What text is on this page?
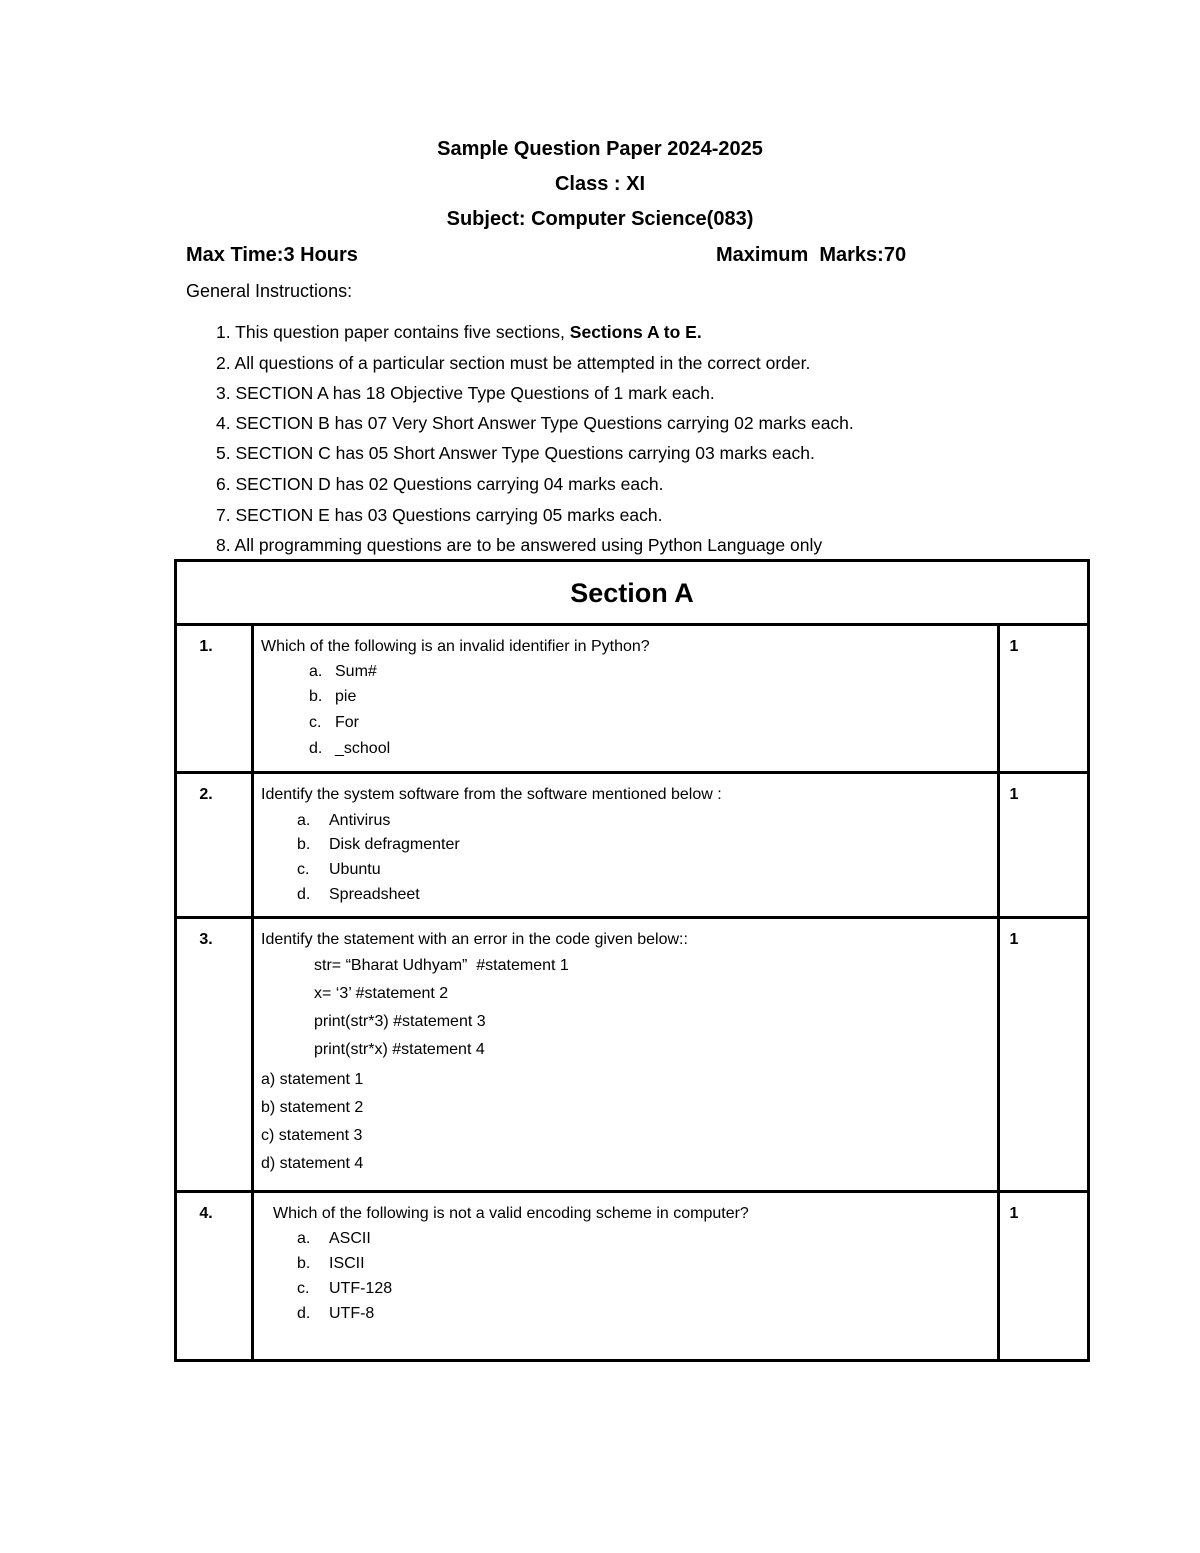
Sample Question Paper 2024-2025
Class : XI
Subject: Computer Science(083)
Max Time:3 Hours	Maximum  Marks:70
General Instructions:
1. This question paper contains five sections, Sections A to E.
2. All questions of a particular section must be attempted in the correct order.
3. SECTION A has 18 Objective Type Questions of 1 mark each.
4. SECTION B has 07 Very Short Answer Type Questions carrying 02 marks each.
5. SECTION C has 05 Short Answer Type Questions carrying 03 marks each.
6. SECTION D has 02 Questions carrying 04 marks each.
7. SECTION E has 03 Questions carrying 05 marks each.
8. All programming questions are to be answered using Python Language only
Section A
1.	Which of the following is an invalid identifier in Python?	1
a. Sum#
b. pie
c. For
d. _school
2.	Identify the system software from the software mentioned below :	1
a. Antivirus
b. Disk defragmenter
c. Ubuntu
d. Spreadsheet
3.	Identify the statement with an error in the code given below::	1
str= “Bharat Udhyam”  #statement 1
x= ‘3’ #statement 2
print(str*3) #statement 3
print(str*x) #statement 4
a) statement 1
b) statement 2
c) statement 3
d) statement 4
4.	Which of the following is not a valid encoding scheme in computer?	1
a. ASCII
b. ISCII
c. UTF-128
d. UTF-8
